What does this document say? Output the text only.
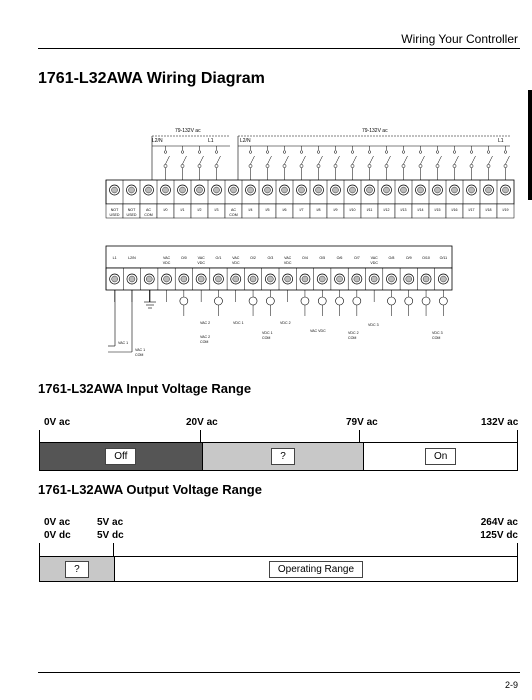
Wiring Your Controller
1761-L32AWA Wiring Diagram
79-132V ac	79-132V ac
L2/N	L1	L2/N	L1
NOT
USED
NOT
USED
AC
COM
I/0	I/1	I/2	I/3	AC
COM
I/4	I/5	I/6	I/7	I/8	I/9	I/10	I/11	I/12	I/13	I/14	I/15	I/16	I/17	I/18	I/19
L1	L2/N	VAC
VDC
O/0	VAC
VDC
O/1	VAC
VDC
O/2	O/3	VAC
VDC
O/4	O/5	O/6	O/7	VAC
VDC
O/8	O/9	O/10	O/11
VAC 1
VAC 1
COM
VAC 2
VAC 2
COM
VDC 1
VDC 1
COM
VDC 2
VAC VDC	VDC 2
COM
VDC 3
VDC 3
COM
1761-L32AWA Input Voltage Range
0V ac	20V ac	79V ac	132V ac
Off	?	On
1761-L32AWA Output Voltage Range
0V ac
0V dc
5V ac
5V dc
264V ac
125V dc
?	Operating Range
2-9
